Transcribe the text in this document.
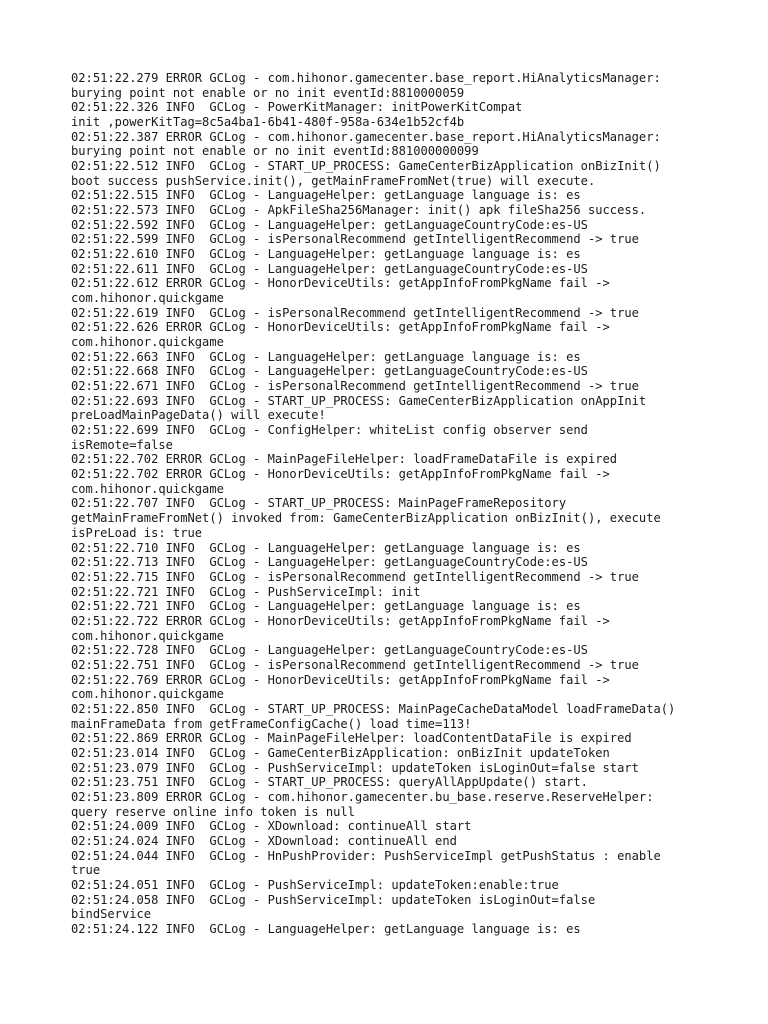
02:51:22.279 ERROR GCLog - com.hihonor.gamecenter.base_report.HiAnalyticsManager:
burying point not enable or no init eventId:8810000059
02:51:22.326 INFO  GCLog - PowerKitManager: initPowerKitCompat
init ,powerKitTag=8c5a4ba1-6b41-480f-958a-634e1b52cf4b
02:51:22.387 ERROR GCLog - com.hihonor.gamecenter.base_report.HiAnalyticsManager:
burying point not enable or no init eventId:881000000099
02:51:22.512 INFO  GCLog - START_UP_PROCESS: GameCenterBizApplication onBizInit()
boot success pushService.init(), getMainFrameFromNet(true) will execute.
02:51:22.515 INFO  GCLog - LanguageHelper: getLanguage language is: es
02:51:22.573 INFO  GCLog - ApkFileSha256Manager: init() apk fileSha256 success.
02:51:22.592 INFO  GCLog - LanguageHelper: getLanguageCountryCode:es-US
02:51:22.599 INFO  GCLog - isPersonalRecommend getIntelligentRecommend -> true
02:51:22.610 INFO  GCLog - LanguageHelper: getLanguage language is: es
02:51:22.611 INFO  GCLog - LanguageHelper: getLanguageCountryCode:es-US
02:51:22.612 ERROR GCLog - HonorDeviceUtils: getAppInfoFromPkgName fail ->
com.hihonor.quickgame
02:51:22.619 INFO  GCLog - isPersonalRecommend getIntelligentRecommend -> true
02:51:22.626 ERROR GCLog - HonorDeviceUtils: getAppInfoFromPkgName fail ->
com.hihonor.quickgame
02:51:22.663 INFO  GCLog - LanguageHelper: getLanguage language is: es
02:51:22.668 INFO  GCLog - LanguageHelper: getLanguageCountryCode:es-US
02:51:22.671 INFO  GCLog - isPersonalRecommend getIntelligentRecommend -> true
02:51:22.693 INFO  GCLog - START_UP_PROCESS: GameCenterBizApplication onAppInit
preLoadMainPageData() will execute!
02:51:22.699 INFO  GCLog - ConfigHelper: whiteList config observer send
isRemote=false
02:51:22.702 ERROR GCLog - MainPageFileHelper: loadFrameDataFile is expired
02:51:22.702 ERROR GCLog - HonorDeviceUtils: getAppInfoFromPkgName fail ->
com.hihonor.quickgame
02:51:22.707 INFO  GCLog - START_UP_PROCESS: MainPageFrameRepository
getMainFrameFromNet() invoked from: GameCenterBizApplication onBizInit(), execute
isPreLoad is: true
02:51:22.710 INFO  GCLog - LanguageHelper: getLanguage language is: es
02:51:22.713 INFO  GCLog - LanguageHelper: getLanguageCountryCode:es-US
02:51:22.715 INFO  GCLog - isPersonalRecommend getIntelligentRecommend -> true
02:51:22.721 INFO  GCLog - PushServiceImpl: init
02:51:22.721 INFO  GCLog - LanguageHelper: getLanguage language is: es
02:51:22.722 ERROR GCLog - HonorDeviceUtils: getAppInfoFromPkgName fail ->
com.hihonor.quickgame
02:51:22.728 INFO  GCLog - LanguageHelper: getLanguageCountryCode:es-US
02:51:22.751 INFO  GCLog - isPersonalRecommend getIntelligentRecommend -> true
02:51:22.769 ERROR GCLog - HonorDeviceUtils: getAppInfoFromPkgName fail ->
com.hihonor.quickgame
02:51:22.850 INFO  GCLog - START_UP_PROCESS: MainPageCacheDataModel loadFrameData()
mainFrameData from getFrameConfigCache() load time=113!
02:51:22.869 ERROR GCLog - MainPageFileHelper: loadContentDataFile is expired
02:51:23.014 INFO  GCLog - GameCenterBizApplication: onBizInit updateToken
02:51:23.079 INFO  GCLog - PushServiceImpl: updateToken isLoginOut=false start
02:51:23.751 INFO  GCLog - START_UP_PROCESS: queryAllAppUpdate() start.
02:51:23.809 ERROR GCLog - com.hihonor.gamecenter.bu_base.reserve.ReserveHelper:
query reserve online info token is null
02:51:24.009 INFO  GCLog - XDownload: continueAll start
02:51:24.024 INFO  GCLog - XDownload: continueAll end
02:51:24.044 INFO  GCLog - HnPushProvider: PushServiceImpl getPushStatus : enable
true
02:51:24.051 INFO  GCLog - PushServiceImpl: updateToken:enable:true
02:51:24.058 INFO  GCLog - PushServiceImpl: updateToken isLoginOut=false
bindService
02:51:24.122 INFO  GCLog - LanguageHelper: getLanguage language is: es
